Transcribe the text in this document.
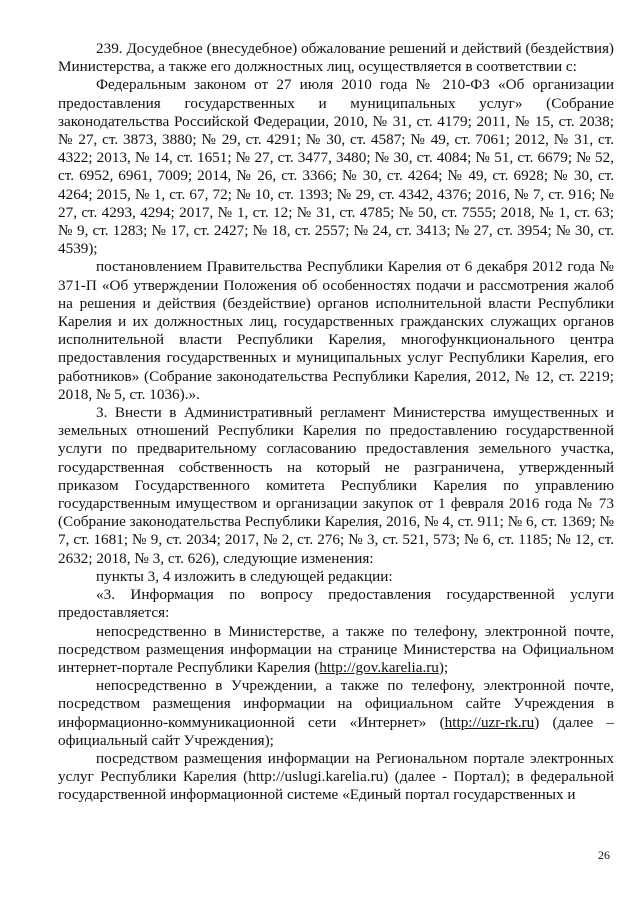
239. Досудебное (внесудебное) обжалование решений и действий (бездействия) Министерства, а также его должностных лиц, осуществляется в соответствии с:

Федеральным законом от 27 июля 2010 года № 210-ФЗ «Об организации предоставления государственных и муниципальных услуг» (Собрание законодательства Российской Федерации, 2010, № 31, ст. 4179; 2011, № 15, ст. 2038; № 27, ст. 3873, 3880; № 29, ст. 4291; № 30, ст. 4587; № 49, ст. 7061; 2012, № 31, ст. 4322; 2013, № 14, ст. 1651; № 27, ст. 3477, 3480; № 30, ст. 4084; № 51, ст. 6679; № 52, ст. 6952, 6961, 7009; 2014, № 26, ст. 3366; № 30, ст. 4264; № 49, ст. 6928; № 30, ст. 4264; 2015, № 1, ст. 67, 72; № 10, ст. 1393; № 29, ст. 4342, 4376; 2016, № 7, ст. 916; № 27, ст. 4293, 4294; 2017, № 1, ст. 12; № 31, ст. 4785; № 50, ст. 7555; 2018, № 1, ст. 63; № 9, ст. 1283; № 17, ст. 2427; № 18, ст. 2557; № 24, ст. 3413; № 27, ст. 3954; № 30, ст. 4539);

постановлением Правительства Республики Карелия от 6 декабря 2012 года № 371-П «Об утверждении Положения об особенностях подачи и рассмотрения жалоб на решения и действия (бездействие) органов исполнительной власти Республики Карелия и их должностных лиц, государственных гражданских служащих органов исполнительной власти Республики Карелия, многофункционального центра предоставления государственных и муниципальных услуг Республики Карелия, его работников» (Собрание законодательства Республики Карелия, 2012, № 12, ст. 2219; 2018, № 5, ст. 1036).».

3. Внести в Административный регламент Министерства имущественных и земельных отношений Республики Карелия по предоставлению государственной услуги по предварительному согласованию предоставления земельного участка, государственная собственность на который не разграничена, утвержденный приказом Государственного комитета Республики Карелия по управлению государственным имуществом и организации закупок от 1 февраля 2016 года № 73 (Собрание законодательства Республики Карелия, 2016, № 4, ст. 911; № 6, ст. 1369; № 7, ст. 1681; № 9, ст. 2034; 2017, № 2, ст. 276; № 3, ст. 521, 573; № 6, ст. 1185; № 12, ст. 2632; 2018, № 3, ст. 626), следующие изменения:

пункты 3, 4 изложить в следующей редакции:

«3. Информация по вопросу предоставления государственной услуги предоставляется:

непосредственно в Министерстве, а также по телефону, электронной почте, посредством размещения информации на странице Министерства на Официальном интернет-портале Республики Карелия (http://gov.karelia.ru);

непосредственно в Учреждении, а также по телефону, электронной почте, посредством размещения информации на официальном сайте Учреждения в информационно-коммуникационной сети «Интернет» (http://uzr-rk.ru) (далее – официальный сайт Учреждения);

посредством размещения информации на Региональном портале электронных услуг Республики Карелия (http://uslugi.karelia.ru) (далее - Портал); в федеральной государственной информационной системе «Единый портал государственных и

26
